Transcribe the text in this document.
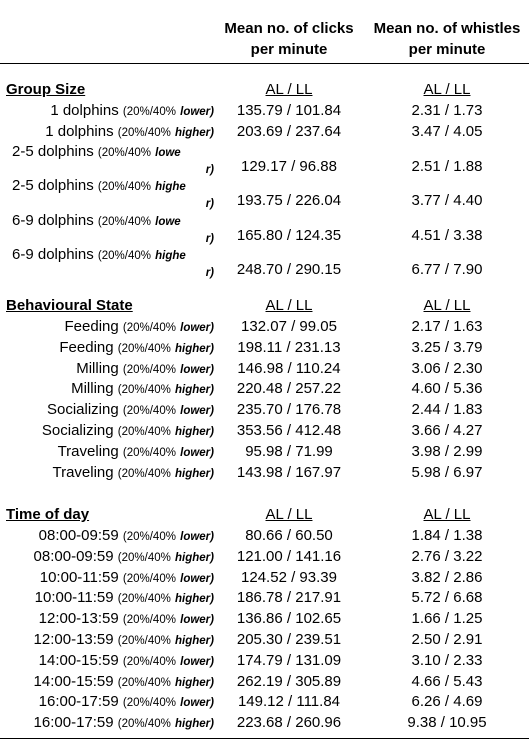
Mean no. of clicks per minute
Mean no. of whistles per minute
Group Size	AL / LL	AL / LL
1 dolphins (20%/40% lower)	135.79 / 101.84	2.31 / 1.73
1 dolphins (20%/40% higher)	203.69 / 237.64	3.47 / 4.05
2-5 dolphins (20%/40% lowe
r)	129.17 / 96.88	2.51 / 1.88
2-5 dolphins (20%/40% highe
r)	193.75 / 226.04	3.77 / 4.40
6-9 dolphins (20%/40% lowe
r)	165.80 / 124.35	4.51 / 3.38
6-9 dolphins (20%/40% highe
r)	248.70 / 290.15	6.77 / 7.90
Behavioural State	AL / LL	AL / LL
Feeding (20%/40% lower)	132.07 / 99.05	2.17 / 1.63
Feeding (20%/40% higher)	198.11 / 231.13	3.25 / 3.79
Milling (20%/40% lower)	146.98 / 110.24	3.06 / 2.30
Milling (20%/40% higher)	220.48 / 257.22	4.60 / 5.36
Socializing (20%/40% lower)	235.70 / 176.78	2.44 / 1.83
Socializing (20%/40% higher)	353.56 / 412.48	3.66 / 4.27
Traveling (20%/40% lower)	95.98 / 71.99	3.98 / 2.99
Traveling (20%/40% higher)	143.98 / 167.97	5.98 / 6.97
Time of day	AL / LL	AL / LL
08:00-09:59 (20%/40% lower)	80.66 / 60.50	1.84 / 1.38
08:00-09:59 (20%/40% higher)	121.00 / 141.16	2.76 / 3.22
10:00-11:59 (20%/40% lower)	124.52 / 93.39	3.82 / 2.86
10:00-11:59 (20%/40% higher)	186.78 / 217.91	5.72 / 6.68
12:00-13:59 (20%/40% lower)	136.86 / 102.65	1.66 / 1.25
12:00-13:59 (20%/40% higher)	205.30 / 239.51	2.50 / 2.91
14:00-15:59 (20%/40% lower)	174.79 / 131.09	3.10 / 2.33
14:00-15:59 (20%/40% higher)	262.19 / 305.89	4.66 / 5.43
16:00-17:59 (20%/40% lower)	149.12 / 111.84	6.26 / 4.69
16:00-17:59 (20%/40% higher)	223.68 / 260.96	9.38 / 10.95
